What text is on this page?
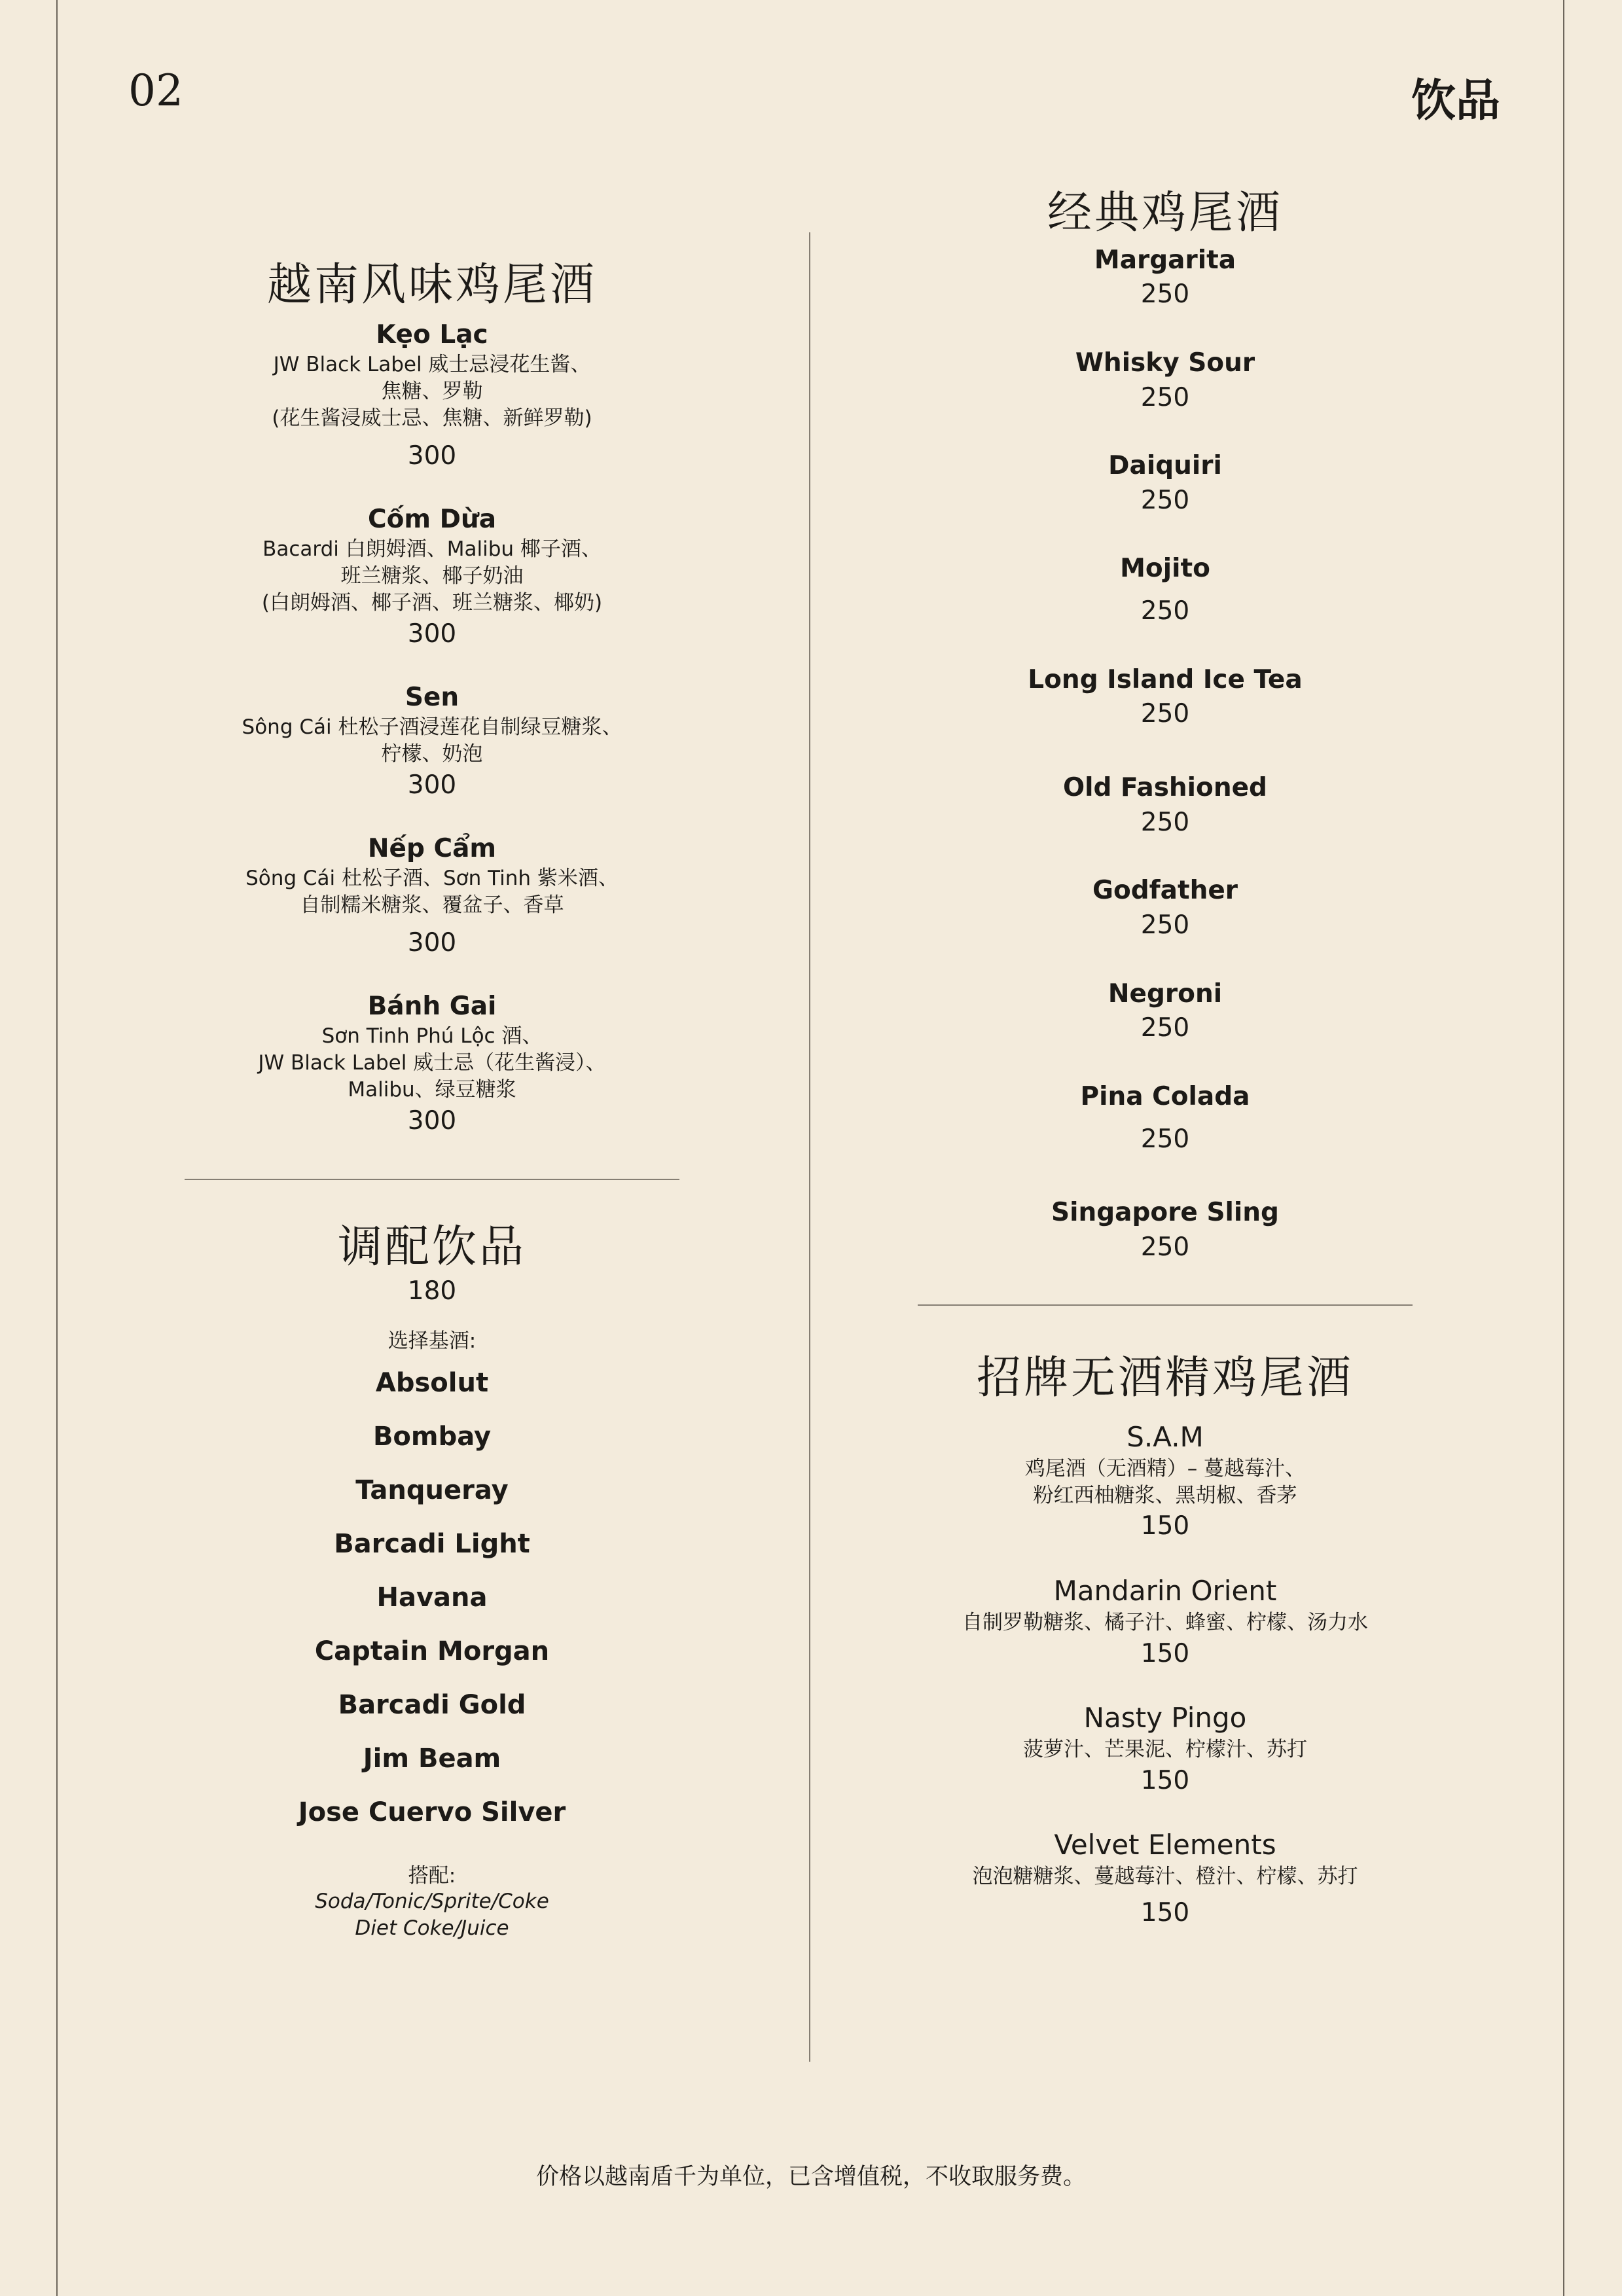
02	饮品
越南风味鸡尾酒
Kẹo Lạc
JW Black Label 威士忌浸花生酱、
焦糖、罗勒
(花生酱浸威士忌、焦糖、新鲜罗勒)
300
Cốm Dừa
Bacardi 白朗姆酒、Malibu 椰子酒、
班兰糖浆、椰子奶油
(白朗姆酒、椰子酒、班兰糖浆、椰奶)
300
Sen
Sông Cái 杜松子酒浸莲花自制绿豆糖浆、
柠檬、奶泡
300
Nếp Cẩm
Sông Cái 杜松子酒、Sơn Tinh 紫米酒、
自制糯米糖浆、覆盆子、香草
300
Bánh Gai
Sơn Tinh Phú Lộc 酒、
JW Black Label 威士忌（花生酱浸）、
Malibu、绿豆糖浆
300
调配饮品
180
选择基酒:
Absolut
Bombay
Tanqueray
Barcadi Light
Havana
Captain Morgan
Barcadi Gold
Jim Beam
Jose Cuervo Silver
搭配:
Soda/Tonic/Sprite/Coke
Diet Coke/Juice
经典鸡尾酒
Margarita
250
Whisky Sour
250
Daiquiri
250
Mojito
250
Long Island Ice Tea
250
Old Fashioned
250
Godfather
250
Negroni
250
Pina Colada
250
Singapore Sling
250
招牌无酒精鸡尾酒
S.A.M
鸡尾酒（无酒精）– 蔓越莓汁、
粉红西柚糖浆、黑胡椒、香茅
150
Mandarin Orient
自制罗勒糖浆、橘子汁、蜂蜜、柠檬、汤力水
150
Nasty Pingo
菠萝汁、芒果泥、柠檬汁、苏打
150
Velvet Elements
泡泡糖糖浆、蔓越莓汁、橙汁、柠檬、苏打
150
价格以越南盾千为单位，已含增值税，不收取服务费。
